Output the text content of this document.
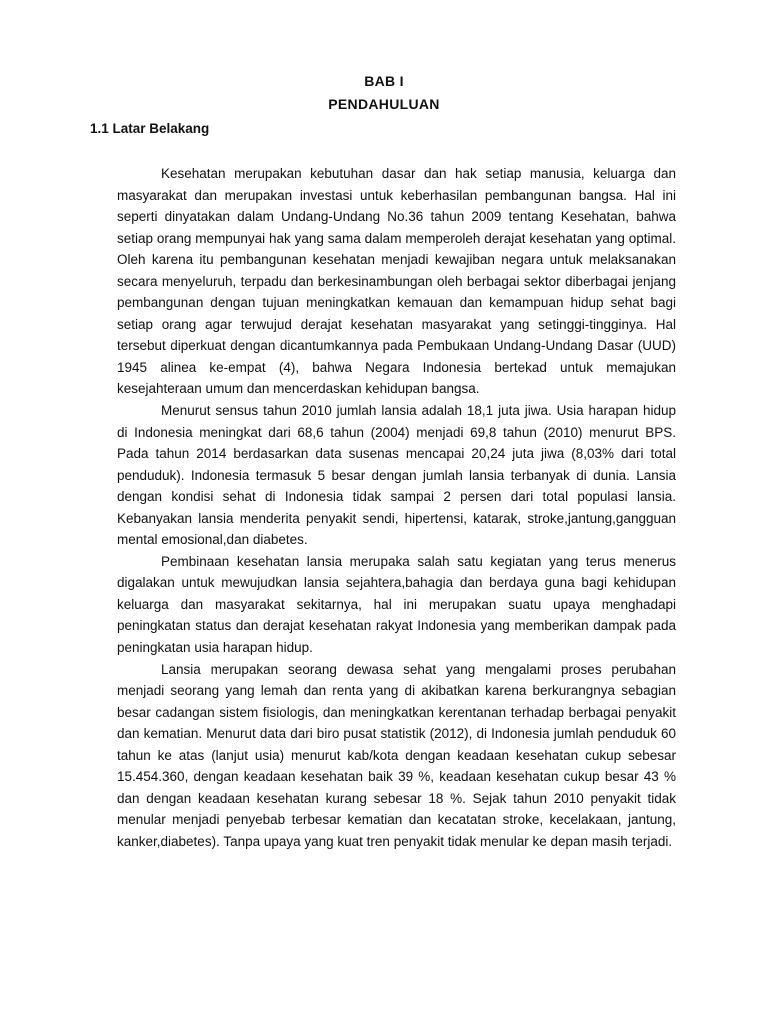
BAB I
PENDAHULUAN
1.1 Latar Belakang

Kesehatan merupakan kebutuhan dasar dan hak setiap manusia, keluarga dan masyarakat dan merupakan investasi untuk keberhasilan pembangunan bangsa. Hal ini seperti dinyatakan dalam Undang-Undang No.36 tahun 2009 tentang Kesehatan, bahwa setiap orang mempunyai hak yang sama dalam memperoleh derajat kesehatan yang optimal. Oleh karena itu pembangunan kesehatan menjadi kewajiban negara untuk melaksanakan secara menyeluruh, terpadu dan berkesinambungan oleh berbagai sektor diberbagai jenjang pembangunan dengan tujuan meningkatkan kemauan dan kemampuan hidup sehat bagi setiap orang agar terwujud derajat kesehatan masyarakat yang setinggi-tingginya. Hal tersebut diperkuat dengan dicantumkannya pada Pembukaan Undang-Undang Dasar (UUD) 1945 alinea ke-empat (4), bahwa Negara Indonesia bertekad untuk memajukan kesejahteraan umum dan mencerdaskan kehidupan bangsa.

Menurut sensus tahun 2010 jumlah lansia adalah 18,1 juta jiwa. Usia harapan hidup di Indonesia meningkat dari 68,6 tahun (2004) menjadi 69,8 tahun (2010) menurut BPS. Pada tahun 2014 berdasarkan data susenas mencapai 20,24 juta jiwa (8,03% dari total penduduk). Indonesia termasuk 5 besar dengan jumlah lansia terbanyak di dunia. Lansia dengan kondisi sehat di Indonesia tidak sampai 2 persen dari total populasi lansia. Kebanyakan lansia menderita penyakit sendi, hipertensi, katarak, stroke,jantung,gangguan mental emosional,dan diabetes.

Pembinaan kesehatan lansia merupaka salah satu kegiatan yang terus menerus digalakan untuk mewujudkan lansia sejahtera,bahagia dan berdaya guna bagi kehidupan keluarga dan masyarakat sekitarnya, hal ini merupakan suatu upaya menghadapi peningkatan status dan derajat kesehatan rakyat Indonesia yang memberikan dampak pada peningkatan usia harapan hidup.

Lansia merupakan seorang dewasa sehat yang mengalami proses perubahan menjadi seorang yang lemah dan renta yang di akibatkan karena berkurangnya sebagian besar cadangan sistem fisiologis, dan meningkatkan kerentanan terhadap berbagai penyakit dan kematian. Menurut data dari biro pusat statistik (2012), di Indonesia jumlah penduduk 60 tahun ke atas (lanjut usia) menurut kab/kota dengan keadaan kesehatan cukup sebesar 15.454.360, dengan keadaan kesehatan baik 39 %, keadaan kesehatan cukup besar 43 % dan dengan keadaan kesehatan kurang sebesar 18 %. Sejak tahun 2010 penyakit tidak menular menjadi penyebab terbesar kematian dan kecatatan stroke, kecelakaan, jantung, kanker,diabetes). Tanpa upaya yang kuat tren penyakit tidak menular ke depan masih terjadi.
